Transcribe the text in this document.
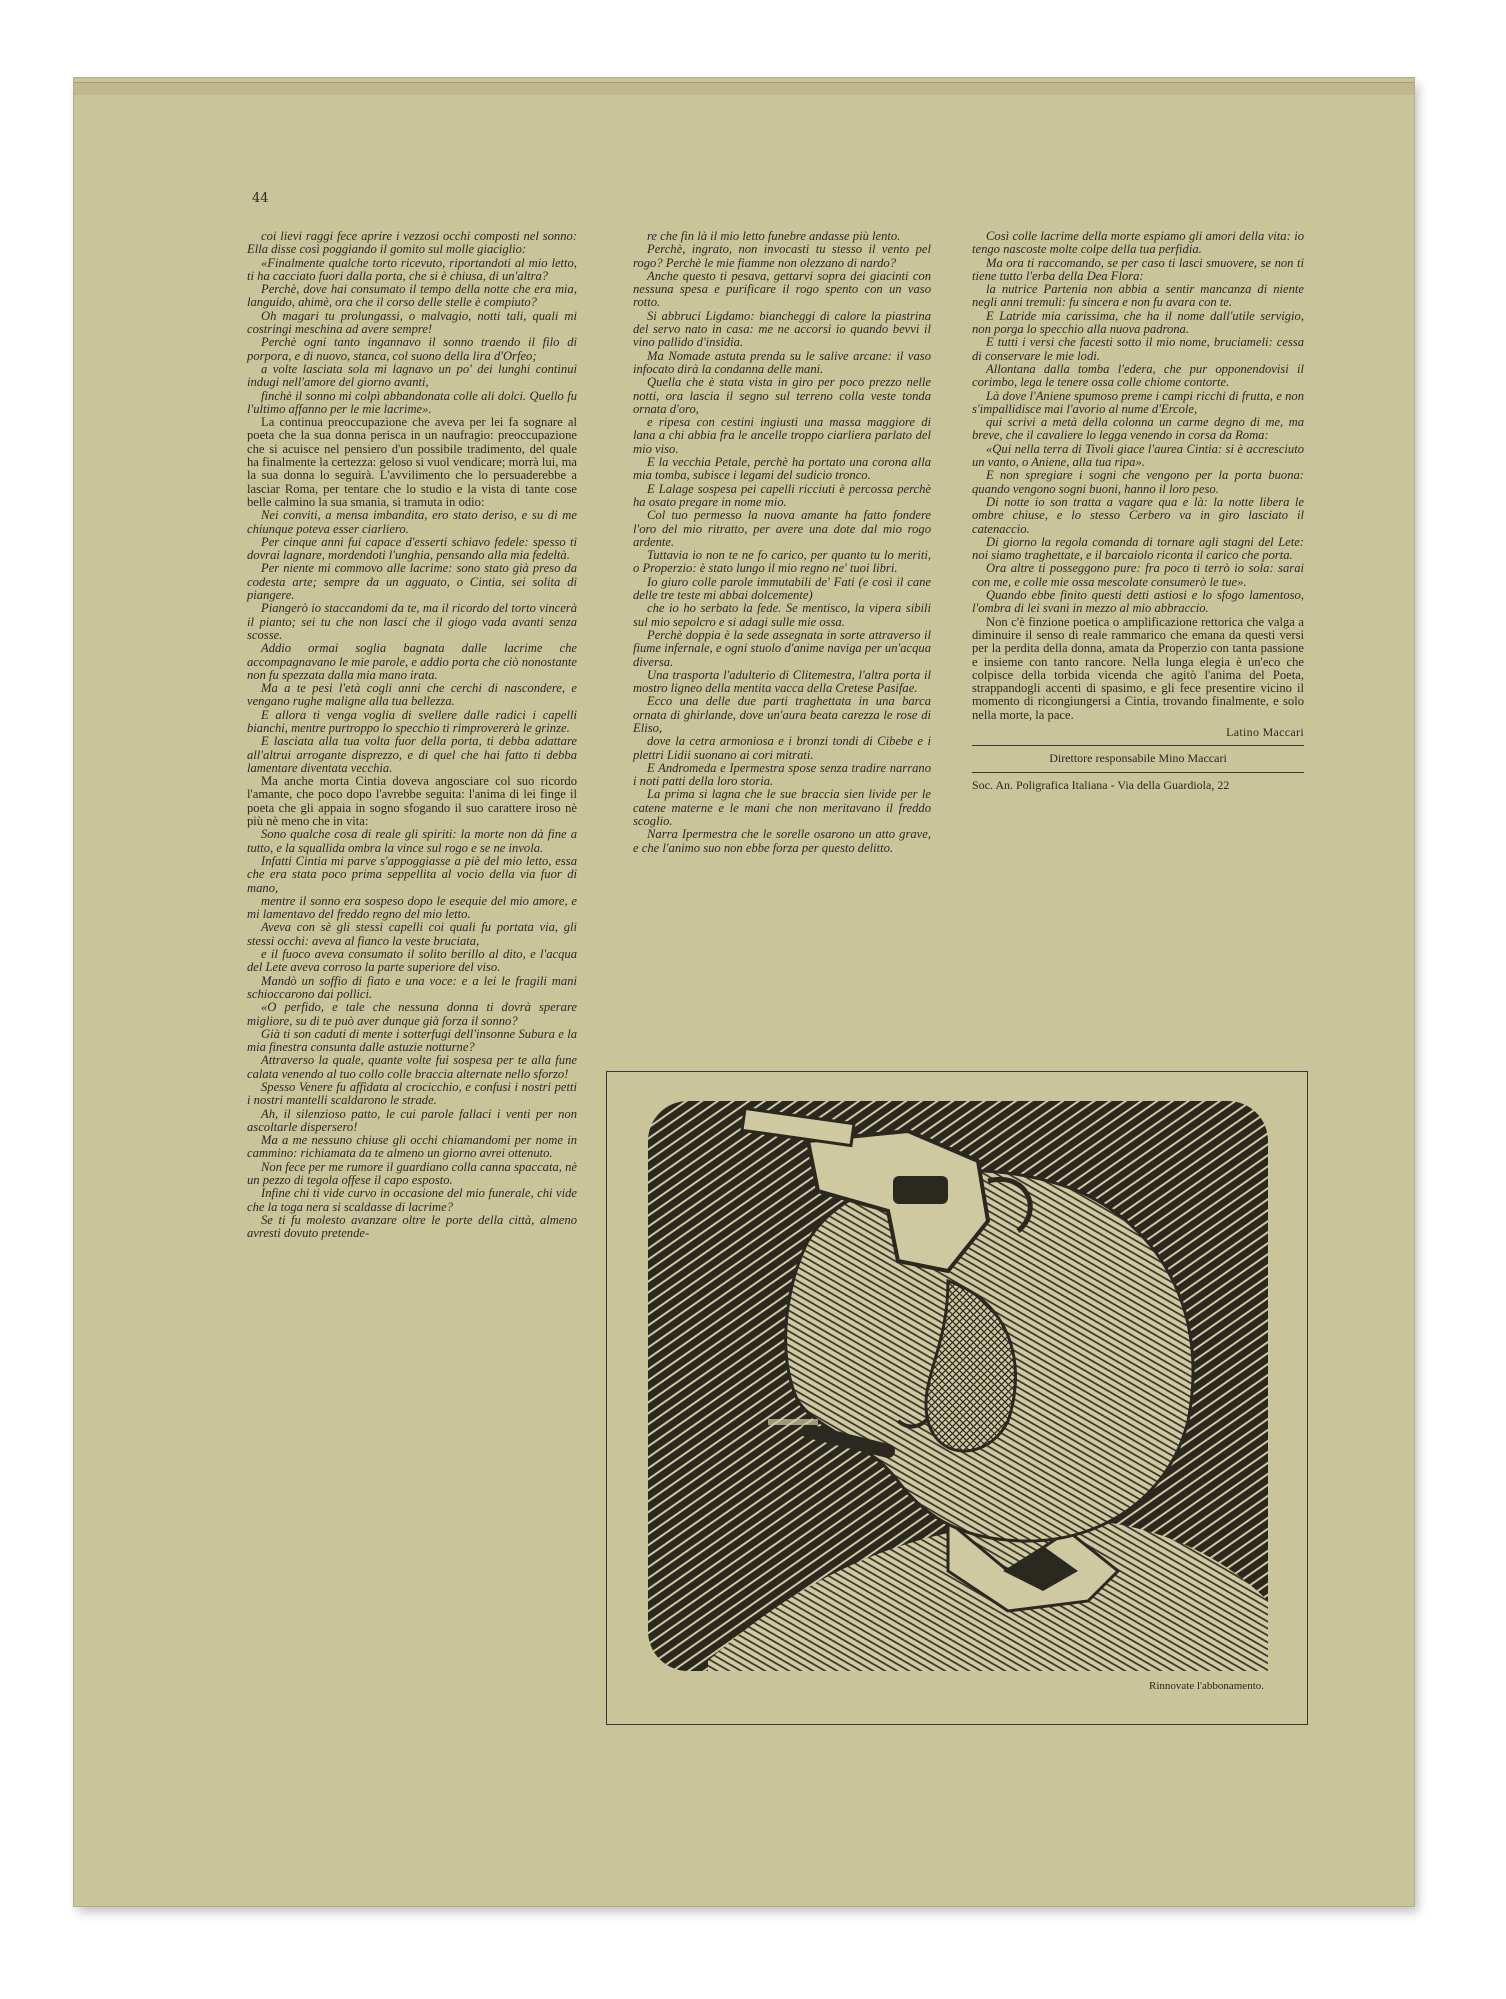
44

coi lievi raggi fece aprire i vezzosi occhi composti nel sonno: Ella disse così poggiando il gomito sul molle giaciglio:

«Finalmente qualche torto ricevuto, riportandoti al mio letto, ti ha cacciato fuori dalla porta, che si è chiusa, di un'altra?

Perchè, dove hai consumato il tempo della notte che era mia, languido, ahimè, ora che il corso delle stelle è compiuto?

Oh magari tu prolungassi, o malvagio, notti tali, quali mi costringi meschina ad avere sempre!

Perchè ogni tanto ingannavo il sonno traendo il filo di porpora, e di nuovo, stanca, col suono della lira d'Orfeo;

a volte lasciata sola mi lagnavo un po' dei lunghi continui indugi nell'amore del giorno avanti,

finchè il sonno mi colpì abbandonata colle ali dolci. Quello fu l'ultimo affanno per le mie lacrime».

La continua preoccupazione che aveva per lei fa sognare al poeta che la sua donna perisca in un naufragio: preoccupazione che si acuisce nel pensiero d'un possibile tradimento, del quale ha finalmente la certezza: geloso si vuol vendicare; morrà lui, ma la sua donna lo seguirà. L'avvilimento che lo persuaderebbe a lasciar Roma, per tentare che lo studio e la vista di tante cose belle calmino la sua smania, si tramuta in odio:

Nei conviti, a mensa imbandita, ero stato deriso, e su di me chiunque poteva esser ciarliero.

Per cinque anni fui capace d'esserti schiavo fedele: spesso ti dovrai lagnare, mordendoti l'unghia, pensando alla mia fedeltà.

Per niente mi commovo alle lacrime: sono stato già preso da codesta arte; sempre da un agguato, o Cintia, sei solita di piangere.

Piangerò io staccandomi da te, ma il ricordo del torto vincerà il pianto; sei tu che non lasci che il giogo vada avanti senza scosse.

Addio ormai soglia bagnata dalle lacrime che accompagnavano le mie parole, e addio porta che ciò nonostante non fu spezzata dalla mia mano irata.

Ma a te pesi l'età cogli anni che cerchi di nascondere, e vengano rughe maligne alla tua bellezza.

E allora ti venga voglia di svellere dalle radici i capelli bianchi, mentre purtroppo lo specchio ti rimprovererà le grinze.

E lasciata alla tua volta fuor della porta, ti debba adattare all'altrui arrogante disprezzo, e di quel che hai fatto ti debba lamentare diventata vecchia.

Ma anche morta Cintia doveva angosciare col suo ricordo l'amante, che poco dopo l'avrebbe seguita: l'anima di lei finge il poeta che gli appaia in sogno sfogando il suo carattere iroso nè più nè meno che in vita:

Sono qualche cosa di reale gli spiriti: la morte non dà fine a tutto, e la squallida ombra la vince sul rogo e se ne invola.

Infatti Cintia mi parve s'appoggiasse a piè del mio letto, essa che era stata poco prima seppellita al vocio della via fuor di mano,

mentre il sonno era sospeso dopo le esequie del mio amore, e mi lamentavo del freddo regno del mio letto.

Aveva con sè gli stessi capelli coi quali fu portata via, gli stessi occhi: aveva al fianco la veste bruciata,

e il fuoco aveva consumato il solito berillo al dito, e l'acqua del Lete aveva corroso la parte superiore del viso.

Mandò un soffio di fiato e una voce: e a lei le fragili mani schioccarono dai pollici.

«O perfido, e tale che nessuna donna ti dovrà sperare migliore, su di te può aver dunque già forza il sonno?

Già ti son caduti di mente i sotterfugi dell'insonne Subura e la mia finestra consunta dalle astuzie notturne?

Attraverso la quale, quante volte fui sospesa per te alla fune calata venendo al tuo collo colle braccia alternate nello sforzo!

Spesso Venere fu affidata al crocicchio, e confusi i nostri petti i nostri mantelli scaldarono le strade.

Ah, il silenzioso patto, le cui parole fallaci i venti per non ascoltarle dispersero!

Ma a me nessuno chiuse gli occhi chiamandomi per nome in cammino: richiamata da te almeno un giorno avrei ottenuto.

Non fece per me rumore il guardiano colla canna spaccata, nè un pezzo di tegola offese il capo esposto.

Infine chi ti vide curvo in occasione del mio funerale, chi vide che la toga nera si scaldasse di lacrime?

Se ti fu molesto avanzare oltre le porte della città, almeno avresti dovuto pretende-

re che fin là il mio letto funebre andasse più lento.

Perchè, ingrato, non invocasti tu stesso il vento pel rogo? Perchè le mie fiamme non olezzano di nardo?

Anche questo ti pesava, gettarvi sopra dei giacinti con nessuna spesa e purificare il rogo spento con un vaso rotto.

Si abbruci Ligdamo: biancheggi di calore la piastrina del servo nato in casa: me ne accorsi io quando bevvi il vino pallido d'insidia.

Ma Nomade astuta prenda su le salive arcane: il vaso infocato dirà la condanna delle mani.

Quella che è stata vista in giro per poco prezzo nelle notti, ora lascia il segno sul terreno colla veste tonda ornata d'oro,

e ripesa con cestini ingiusti una massa maggiore di lana a chi abbia fra le ancelle troppo ciarliera parlato del mio viso.

E la vecchia Petale, perchè ha portato una corona alla mia tomba, subisce i legami del sudicio tronco.

E Lalage sospesa pei capelli ricciuti è percossa perchè ha osato pregare in nome mio.

Col tuo permesso la nuova amante ha fatto fondere l'oro del mio ritratto, per avere una dote dal mio rogo ardente.

Tuttavia io non te ne fo carico, per quanto tu lo meriti, o Properzio: è stato lungo il mio regno ne' tuoi libri.

Io giuro colle parole immutabili de' Fati (e così il cane delle tre teste mi abbai dolcemente)

che io ho serbato la fede. Se mentisco, la vipera sibili sul mio sepolcro e si adagi sulle mie ossa.

Perchè doppia è la sede assegnata in sorte attraverso il fiume infernale, e ogni stuolo d'anime naviga per un'acqua diversa.

Una trasporta l'adulterio di Clitemestra, l'altra porta il mostro ligneo della mentita vacca della Cretese Pasifae.

Ecco una delle due parti traghettata in una barca ornata di ghirlande, dove un'aura beata carezza le rose di Eliso,

dove la cetra armoniosa e i bronzi tondi di Cibebe e i plettri Lidii suonano ai cori mitrati.

E Andromeda e Ipermestra spose senza tradire narrano i noti patti della loro storia.

La prima si lagna che le sue braccia sien livide per le catene materne e le mani che non meritavano il freddo scoglio.

Narra Ipermestra che le sorelle osarono un atto grave, e che l'animo suo non ebbe forza per questo delitto.

Così colle lacrime della morte espiamo gli amori della vita: io tengo nascoste molte colpe della tua perfidia.

Ma ora ti raccomando, se per caso ti lasci smuovere, se non ti tiene tutto l'erba della Dea Flora:

la nutrice Partenia non abbia a sentir mancanza di niente negli anni tremuli: fu sincera e non fu avara con te.

E Latride mia carissima, che ha il nome dall'utile servigio, non porga lo specchio alla nuova padrona.

E tutti i versi che facesti sotto il mio nome, bruciameli: cessa di conservare le mie lodi.

Allontana dalla tomba l'edera, che pur opponendovisi il corimbo, lega le tenere ossa colle chiome contorte.

Là dove l'Aniene spumoso preme i campi ricchi di frutta, e non s'impallidisce mai l'avorio al nume d'Ercole,

qui scrivi a metà della colonna un carme degno di me, ma breve, che il cavaliere lo legga venendo in corsa da Roma:

«Qui nella terra di Tivoli giace l'aurea Cintia: si è accresciuto un vanto, o Aniene, alla tua ripa».

E non spregiare i sogni che vengono per la porta buona: quando vengono sogni buoni, hanno il loro peso.

Di notte io son tratta a vagare qua e là: la notte libera le ombre chiuse, e lo stesso Cerbero va in giro lasciato il catenaccio.

Di giorno la regola comanda di tornare agli stagni del Lete: noi siamo traghettate, e il barcaiolo riconta il carico che porta.

Ora altre ti posseggono pure: fra poco ti terrò io sola: sarai con me, e colle mie ossa mescolate consumerò le tue».

Quando ebbe finito questi detti astiosi e lo sfogo lamentoso, l'ombra di lei svanì in mezzo al mio abbraccio.

Non c'è finzione poetica o amplificazione rettorica che valga a diminuire il senso di reale rammarico che emana da questi versi per la perdita della donna, amata da Properzio con tanta passione e insieme con tanto rancore. Nella lunga elegia è un'eco che colpisce della torbida vicenda che agitò l'anima del Poeta, strappandogli accenti di spasimo, e gli fece presentire vicino il momento di ricongiungersi a Cintia, trovando finalmente, e solo nella morte, la pace.

Latino Maccari
Direttore responsabile Mino Maccari
Soc. An. Poligrafica Italiana - Via della Guardiola, 22
Rinnovate l'abbonamento.
